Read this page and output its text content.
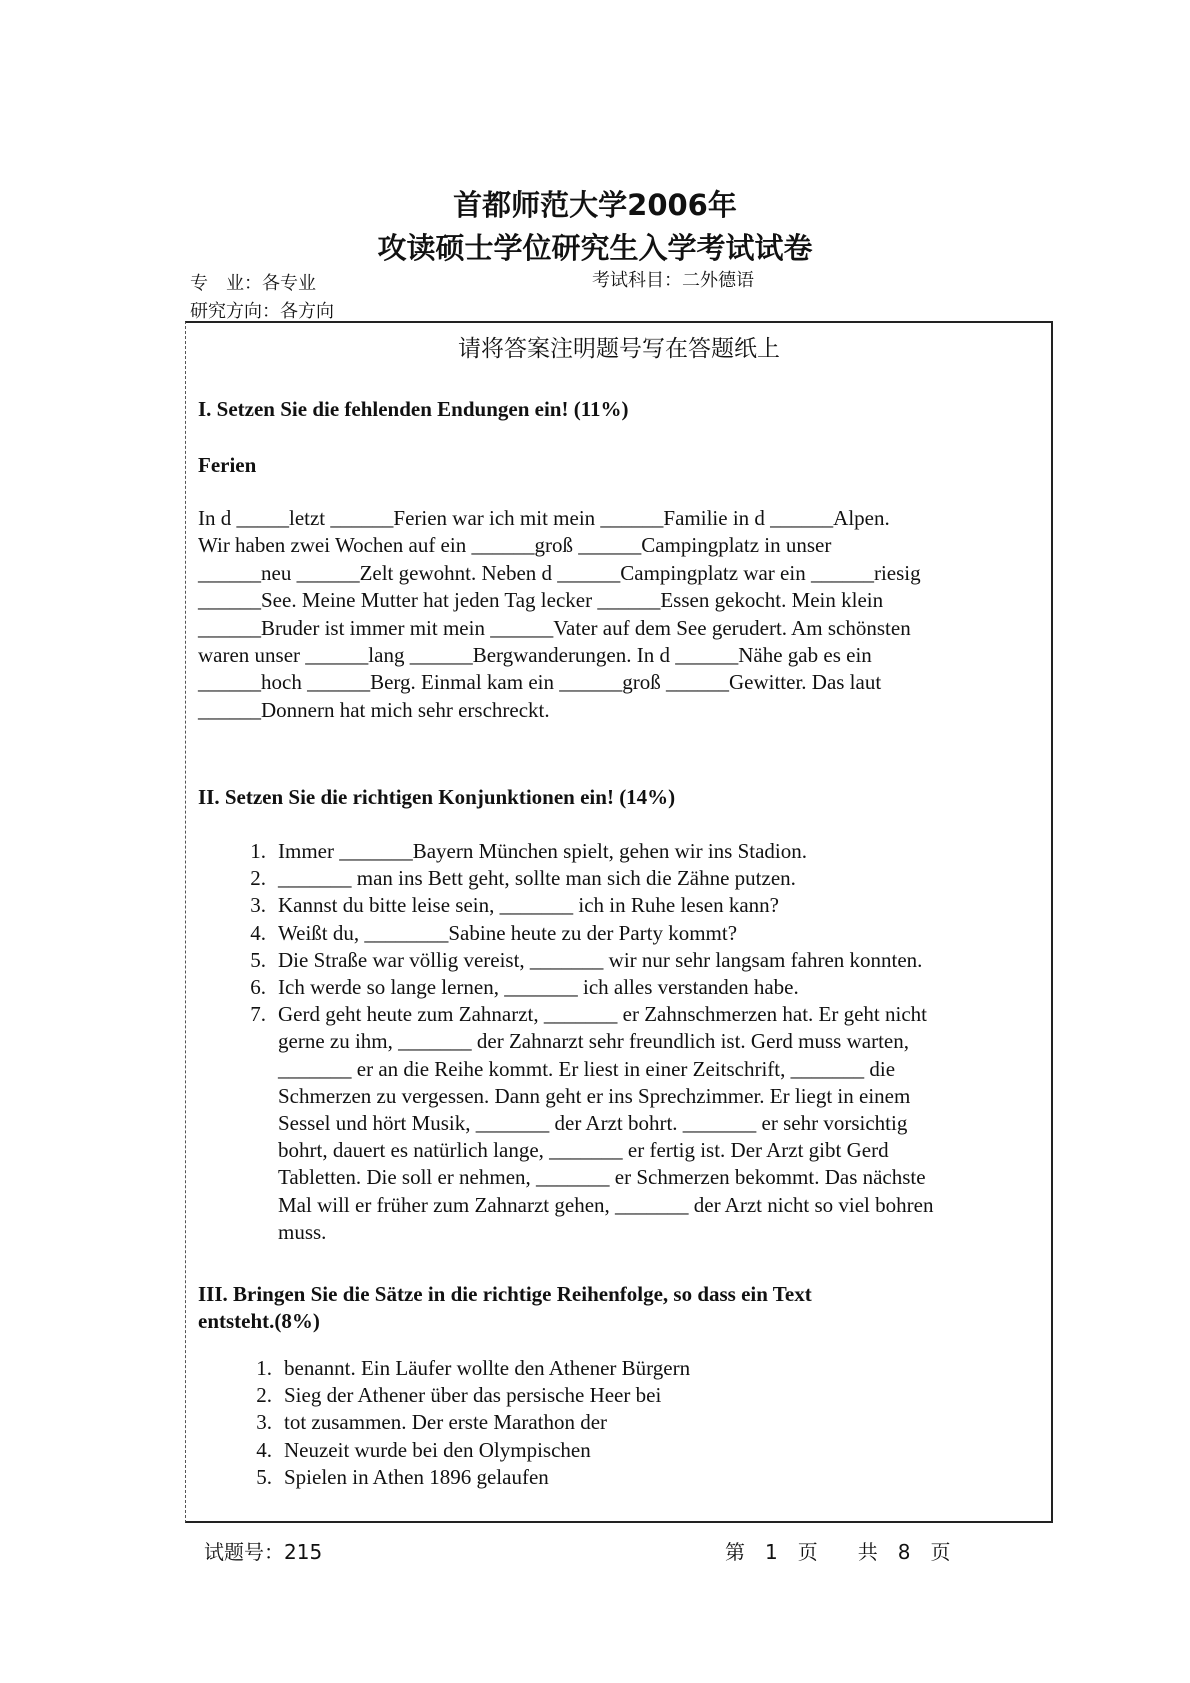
首都师范大学2006年
攻读硕士学位研究生入学考试试卷
专　业：各专业	考试科目：二外德语
研究方向：各方向
请将答案注明题号写在答题纸上
I. Setzen Sie die fehlenden Endungen ein! (11%)
Ferien
In d _____letzt ______Ferien war ich mit mein ______Familie in d ______Alpen.
Wir haben zwei Wochen auf ein ______groß ______Campingplatz in unser
______neu ______Zelt gewohnt. Neben d ______Campingplatz war ein ______riesig
______See. Meine Mutter hat jeden Tag lecker ______Essen gekocht. Mein klein
______Bruder ist immer mit mein ______Vater auf dem See gerudert. Am schönsten
waren unser ______lang ______Bergwanderungen. In d ______Nähe gab es ein
______hoch ______Berg. Einmal kam ein ______groß ______Gewitter. Das laut
______Donnern hat mich sehr erschreckt.
II. Setzen Sie die richtigen Konjunktionen ein! (14%)
1. Immer _______Bayern München spielt, gehen wir ins Stadion.
2. _______ man ins Bett geht, sollte man sich die Zähne putzen.
3. Kannst du bitte leise sein, _______ ich in Ruhe lesen kann?
4. Weißt du, ________Sabine heute zu der Party kommt?
5. Die Straße war völlig vereist, _______ wir nur sehr langsam fahren konnten.
6. Ich werde so lange lernen, _______ ich alles verstanden habe.
7. Gerd geht heute zum Zahnarzt, _______ er Zahnschmerzen hat. Er geht nicht
gerne zu ihm, _______ der Zahnarzt sehr freundlich ist. Gerd muss warten,
_______ er an die Reihe kommt. Er liest in einer Zeitschrift, _______ die
Schmerzen zu vergessen. Dann geht er ins Sprechzimmer. Er liegt in einem
Sessel und hört Musik, _______ der Arzt bohrt. _______ er sehr vorsichtig
bohrt, dauert es natürlich lange, _______ er fertig ist. Der Arzt gibt Gerd
Tabletten. Die soll er nehmen, _______ er Schmerzen bekommt. Das nächste
Mal will er früher zum Zahnarzt gehen, _______ der Arzt nicht so viel bohren
muss.
III. Bringen Sie die Sätze in die richtige Reihenfolge, so dass ein Text
entsteht.(8%)
1. benannt. Ein Läufer wollte den Athener Bürgern
2. Sieg der Athener über das persische Heer bei
3. tot zusammen. Der erste Marathon der
4. Neuzeit wurde bei den Olympischen
5. Spielen in Athen 1896 gelaufen
试题号：215	第　1　页　　共　8　页
